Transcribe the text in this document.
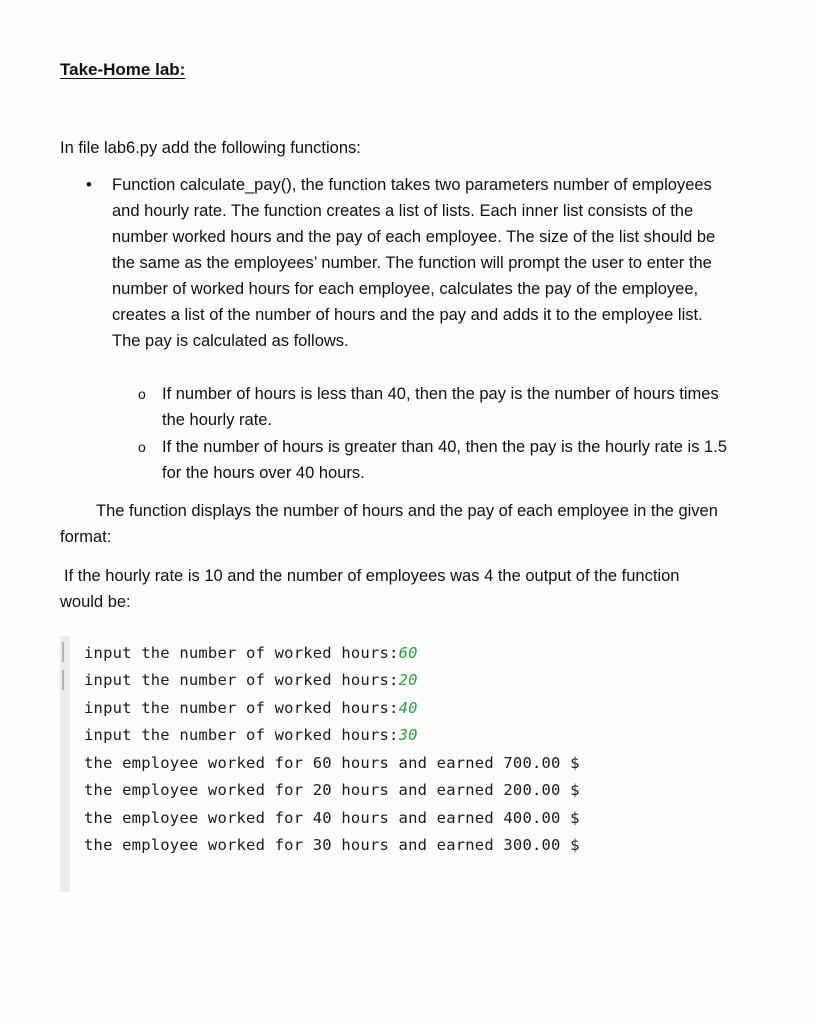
Take-Home lab:
In file lab6.py add the following functions:
• Function calculate_pay(), the function takes two parameters number of employees and hourly rate. The function creates a list of lists. Each inner list consists of the number worked hours and the pay of each employee. The size of the list should be the same as the employees’ number. The function will prompt the user to enter the number of worked hours for each employee, calculates the pay of the employee, creates a list of the number of hours and the pay and adds it to the employee list. The pay is calculated as follows.
o If number of hours is less than 40, then the pay is the number of hours times the hourly rate.
o If the number of hours is greater than 40, then the pay is the hourly rate is 1.5 for the hours over 40 hours.
The function displays the number of hours and the pay of each employee in the given format:
If the hourly rate is 10 and the number of employees was 4 the output of the function would be:

input the number of worked hours:60
input the number of worked hours:20
input the number of worked hours:40
input the number of worked hours:30
the employee worked for 60 hours and earned 700.00 $
the employee worked for 20 hours and earned 200.00 $
the employee worked for 40 hours and earned 400.00 $
the employee worked for 30 hours and earned 300.00 $
